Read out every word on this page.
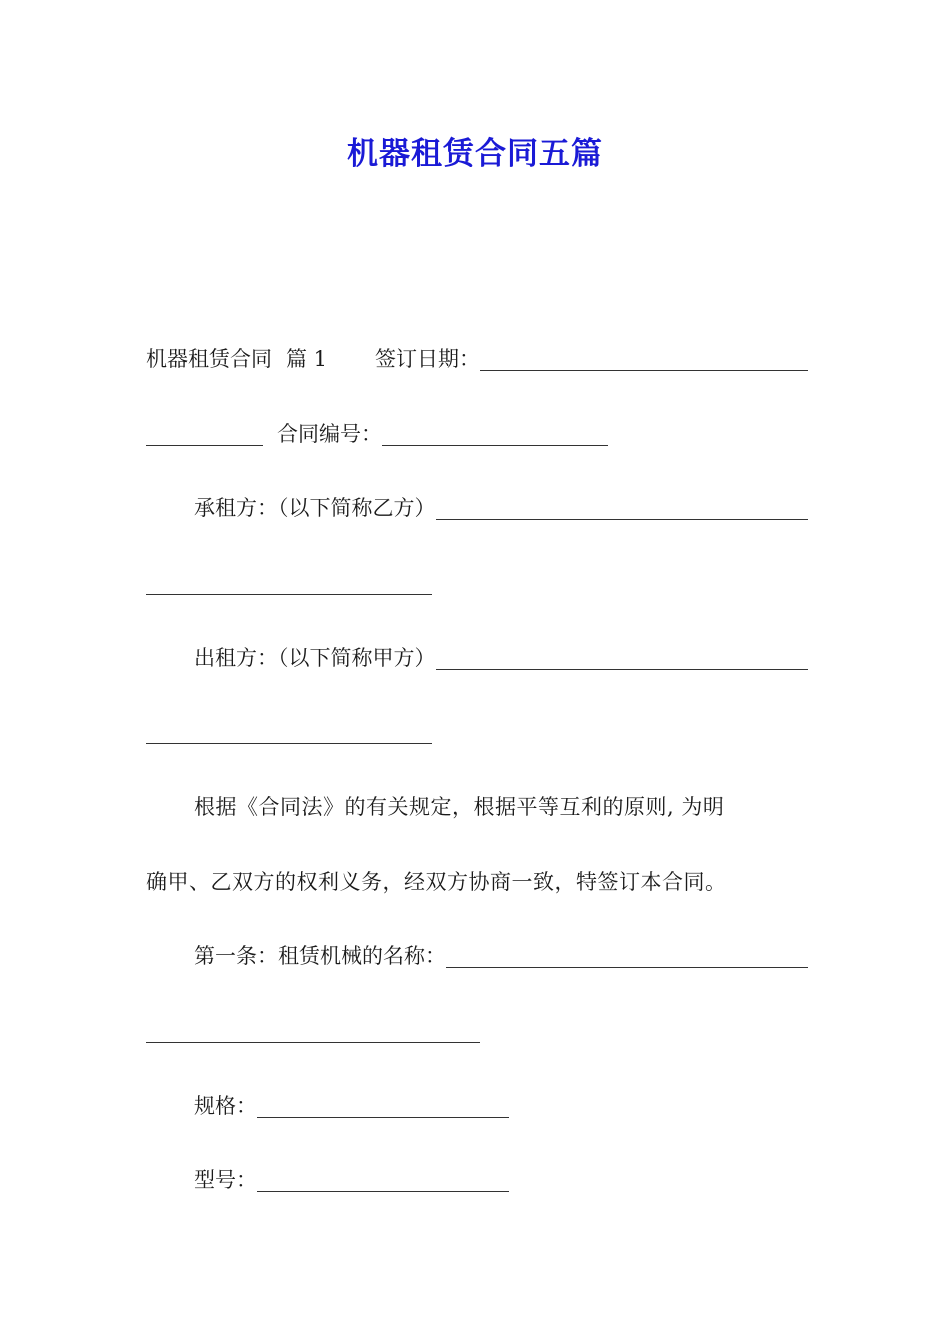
机器租赁合同五篇
机器租赁合同 篇 1 签订日期：
合同编号：
承租方：（以下简称乙方）
出租方：（以下简称甲方）
根据《合同法》的有关规定，根据平等互利的原则, 为明
确甲、乙双方的权利义务，经双方协商一致，特签订本合同。
第一条：租赁机械的名称：
规格：
型号：
